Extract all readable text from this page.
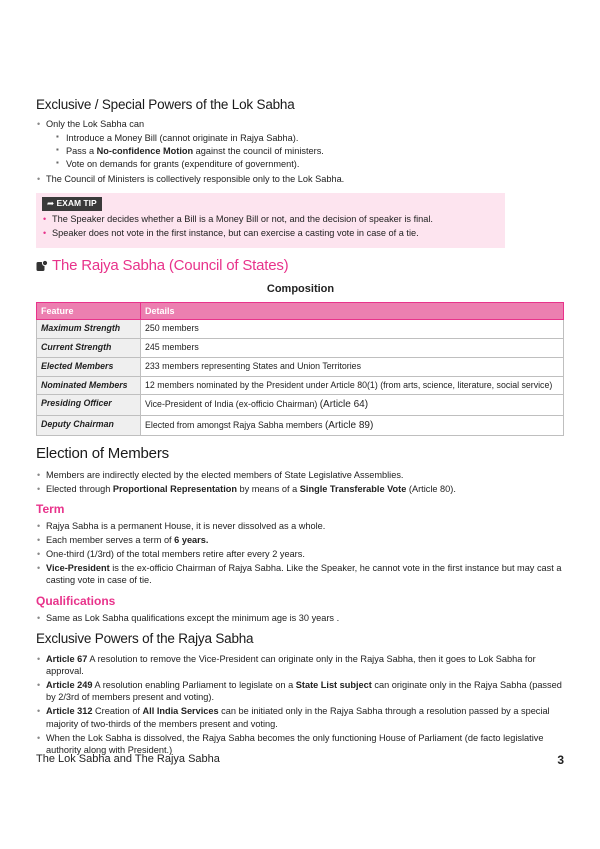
Exclusive / Special Powers of the Lok Sabha
• Only the Lok Sabha can
▪ Introduce a Money Bill (cannot originate in Rajya Sabha).
▪ Pass a No-confidence Motion against the council of ministers.
▪ Vote on demands for grants (expenditure of government).
• The Council of Ministers is collectively responsible only to the Lok Sabha.
➦ EXAM TIP
• The Speaker decides whether a Bill is a Money Bill or not, and the decision of speaker is final.
• Speaker does not vote in the first instance, but can exercise a casting vote in case of a tie.
The Rajya Sabha (Council of States)
Composition
Feature	Details
Maximum Strength	250 members
Current Strength	245 members
Elected Members	233 members representing States and Union Territories
Nominated Members	12 members nominated by the President under Article 80(1) (from arts, science, literature, social service)
Presiding Officer	Vice-President of India (ex-officio Chairman) (Article 64)
Deputy Chairman	Elected from amongst Rajya Sabha members (Article 89)
Election of Members
• Members are indirectly elected by the elected members of State Legislative Assemblies.
• Elected through Proportional Representation by means of a Single Transferable Vote (Article 80).
Term
• Rajya Sabha is a permanent House, it is never dissolved as a whole.
• Each member serves a term of 6 years.
• One-third (1/3rd) of the total members retire after every 2 years.
• Vice-President is the ex-officio Chairman of Rajya Sabha. Like the Speaker, he cannot vote in the first instance but may cast a casting vote in case of tie.
Qualifications
• Same as Lok Sabha qualifications except the minimum age is 30 years .
Exclusive Powers of the Rajya Sabha
• Article 67 A resolution to remove the Vice-President can originate only in the Rajya Sabha, then it goes to Lok Sabha for approval.
• Article 249 A resolution enabling Parliament to legislate on a State List subject can originate only in the Rajya Sabha (passed by 2/3rd of members present and voting).
• Article 312 Creation of All India Services can be initiated only in the Rajya Sabha through a resolution passed by a special majority of two-thirds of the members present and voting.
• When the Lok Sabha is dissolved, the Rajya Sabha becomes the only functioning House of Parliament (de facto legislative authority along with President.)
The Lok Sabha and The Rajya Sabha	3
